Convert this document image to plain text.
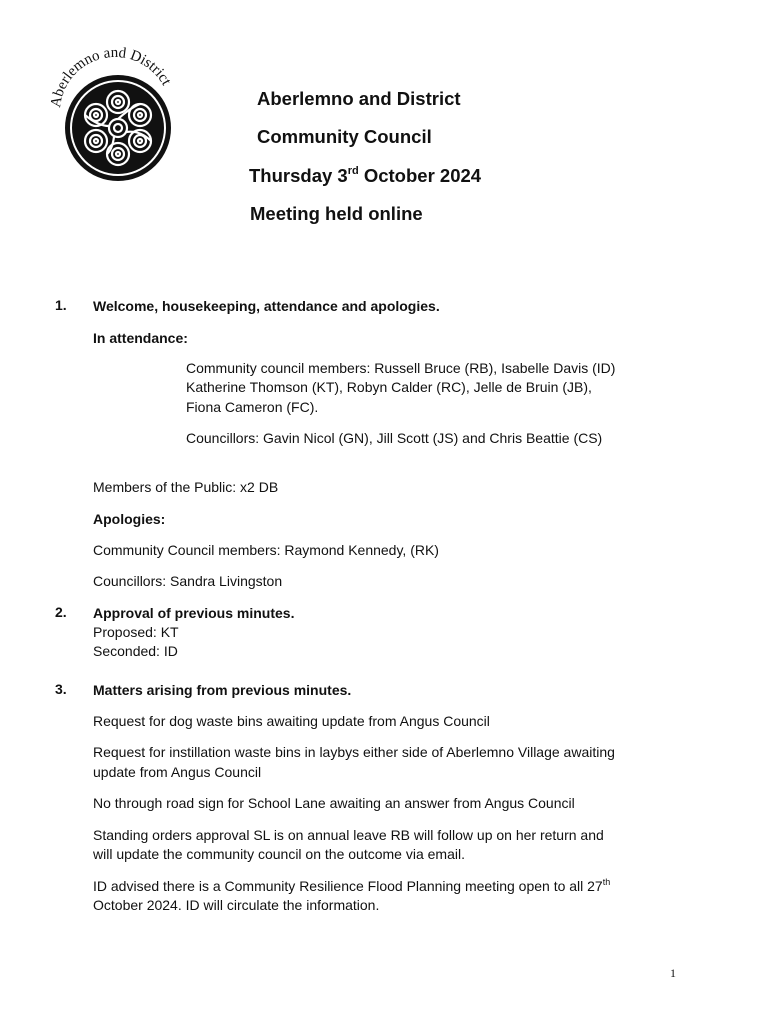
Aberlemno and District
Aberlemno and District
Community Council
Thursday 3rd October 2024
Meeting held online
1. Welcome, housekeeping, attendance and apologies.
In attendance:
Community council members: Russell Bruce (RB), Isabelle Davis (ID)
Katherine Thomson (KT), Robyn Calder (RC), Jelle de Bruin (JB),
Fiona Cameron (FC).
Councillors: Gavin Nicol (GN), Jill Scott (JS) and Chris Beattie (CS)
Members of the Public: x2 DB
Apologies:
Community Council members: Raymond Kennedy, (RK)
Councillors: Sandra Livingston
2. Approval of previous minutes.
Proposed: KT
Seconded: ID
3. Matters arising from previous minutes.
Request for dog waste bins awaiting update from Angus Council
Request for instillation waste bins in laybys either side of Aberlemno Village awaiting
update from Angus Council
No through road sign for School Lane awaiting an answer from Angus Council
Standing orders approval SL is on annual leave RB will follow up on her return and
will update the community council on the outcome via email.
ID advised there is a Community Resilience Flood Planning meeting open to all 27th
October 2024. ID will circulate the information.
1
